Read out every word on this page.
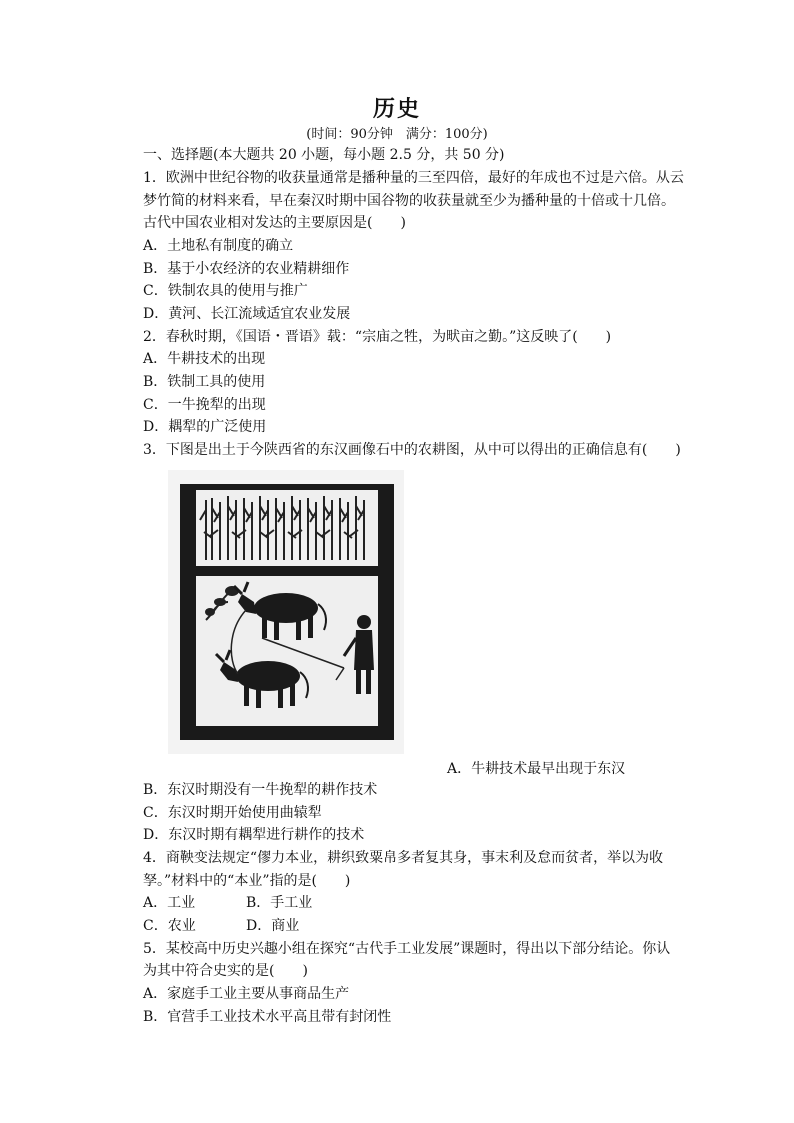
历史
(时间：90分钟　满分：100分)
一、选择题(本大题共 20 小题，每小题 2.5 分，共 50 分)
1．欧洲中世纪谷物的收获量通常是播种量的三至四倍，最好的年成也不过是六倍。从云
梦竹简的材料来看，早在秦汉时期中国谷物的收获量就至少为播种量的十倍或十几倍。
古代中国农业相对发达的主要原因是(　　)
A．土地私有制度的确立
B．基于小农经济的农业精耕细作
C．铁制农具的使用与推广
D．黄河、长江流域适宜农业发展
2．春秋时期，《国语・晋语》载：“宗庙之牲，为畎亩之勤。”这反映了(　　)
A．牛耕技术的出现
B．铁制工具的使用
C．一牛挽犁的出现
D．耦犁的广泛使用
3．下图是出土于今陕西省的东汉画像石中的农耕图，从中可以得出的正确信息有(　　)
A．牛耕技术最早出现于东汉
B．东汉时期没有一牛挽犁的耕作技术
C．东汉时期开始使用曲辕犁
D．东汉时期有耦犁进行耕作的技术
4．商鞅变法规定“僇力本业，耕织致粟帛多者复其身，事末利及怠而贫者，举以为收
孥。”材料中的“本业”指的是(　　)
A．工业	B．手工业
C．农业	D．商业
5．某校高中历史兴趣小组在探究“古代手工业发展”课题时，得出以下部分结论。你认
为其中符合史实的是(　　)
A．家庭手工业主要从事商品生产
B．官营手工业技术水平高且带有封闭性
